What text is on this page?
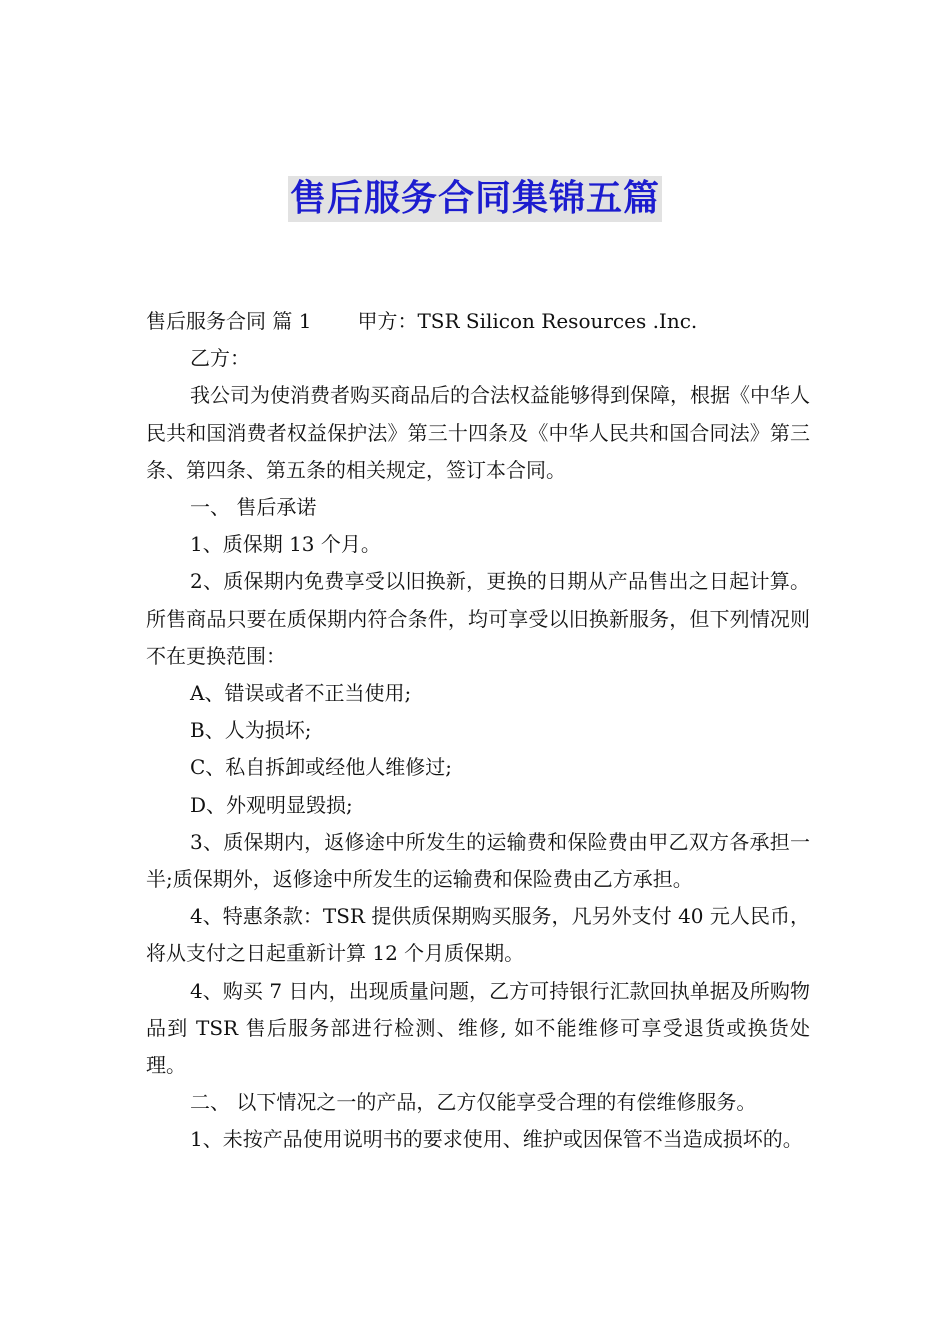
售后服务合同集锦五篇

售后服务合同 篇 1 甲方：TSR Silicon Resources .Inc.

乙方：

我公司为使消费者购买商品后的合法权益能够得到保障，根据《中华人民共和国消费者权益保护法》第三十四条及《中华人民共和国合同法》第三条、第四条、第五条的相关规定，签订本合同。

一、 售后承诺

1、质保期 13 个月。

2、质保期内免费享受以旧换新，更换的日期从产品售出之日起计算。所售商品只要在质保期内符合条件，均可享受以旧换新服务，但下列情况则不在更换范围：

A、错误或者不正当使用;

B、人为损坏;

C、私自拆卸或经他人维修过;

D、外观明显毁损;

3、质保期内，返修途中所发生的运输费和保险费由甲乙双方各承担一半;质保期外，返修途中所发生的运输费和保险费由乙方承担。

4、特惠条款：TSR 提供质保期购买服务，凡另外支付 40 元人民币，将从支付之日起重新计算 12 个月质保期。

4、购买 7 日内，出现质量问题，乙方可持银行汇款回执单据及所购物品到 TSR 售后服务部进行检测、维修, 如不能维修可享受退货或换货处理。

二、 以下情况之一的产品，乙方仅能享受合理的有偿维修服务。

1、未按产品使用说明书的要求使用、维护或因保管不当造成损坏的。
